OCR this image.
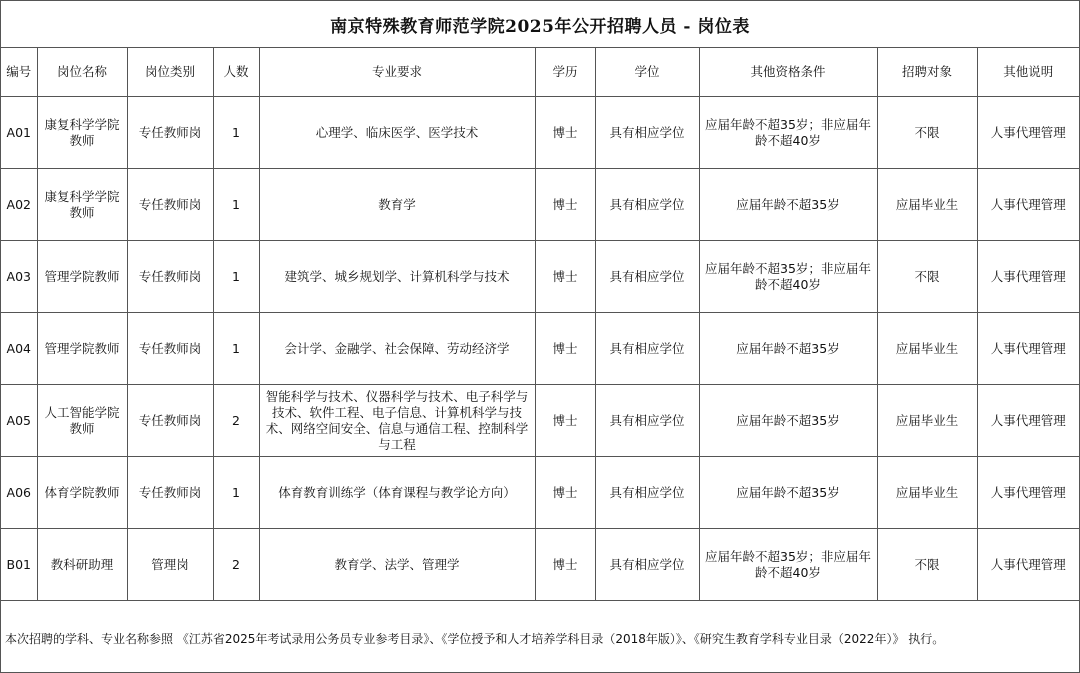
南京特殊教育师范学院2025年公开招聘人员 - 岗位表
编号	岗位名称	岗位类别	人数	专业要求	学历	学位	其他资格条件	招聘对象	其他说明
A01	康复科学学院教师	专任教师岗	1	心理学、临床医学、医学技术	博士	具有相应学位	应届年龄不超35岁；非应届年龄不超40岁	不限	人事代理管理
A02	康复科学学院教师	专任教师岗	1	教育学	博士	具有相应学位	应届年龄不超35岁	应届毕业生	人事代理管理
A03	管理学院教师	专任教师岗	1	建筑学、城乡规划学、计算机科学与技术	博士	具有相应学位	应届年龄不超35岁；非应届年龄不超40岁	不限	人事代理管理
A04	管理学院教师	专任教师岗	1	会计学、金融学、社会保障、劳动经济学	博士	具有相应学位	应届年龄不超35岁	应届毕业生	人事代理管理
A05	人工智能学院教师	专任教师岗	2	智能科学与技术、仪器科学与技术、电子科学与技术、软件工程、电子信息、计算机科学与技术、网络空间安全、信息与通信工程、控制科学与工程	博士	具有相应学位	应届年龄不超35岁	应届毕业生	人事代理管理
A06	体育学院教师	专任教师岗	1	体育教育训练学（体育课程与教学论方向）	博士	具有相应学位	应届年龄不超35岁	应届毕业生	人事代理管理
B01	教科研助理	管理岗	2	教育学、法学、管理学	博士	具有相应学位	应届年龄不超35岁；非应届年龄不超40岁	不限	人事代理管理
本次招聘的学科、专业名称参照 《江苏省2025年考试录用公务员专业参考目录》、《学位授予和人才培养学科目录（2018年版）》、《研究生教育学科专业目录（2022年）》 执行。
